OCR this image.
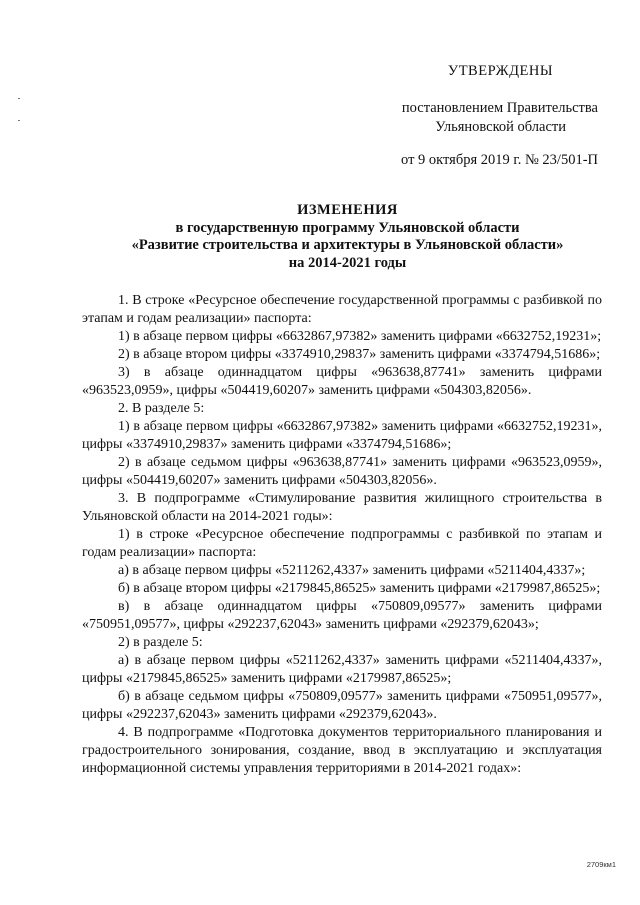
УТВЕРЖДЕНЫ
постановлением Правительства
Ульяновской области
от 9 октября 2019 г. № 23/501-П
ИЗМЕНЕНИЯ
в государственную программу Ульяновской области
«Развитие строительства и архитектуры в Ульяновской области»
на 2014-2021 годы

1. В строке «Ресурсное обеспечение государственной программы с разбивкой по этапам и годам реализации» паспорта:

1) в абзаце первом цифры «6632867,97382» заменить цифрами «6632752,19231»;

2) в абзаце втором цифры «3374910,29837» заменить цифрами «3374794,51686»;

3) в абзаце одиннадцатом цифры «963638,87741» заменить цифрами «963523,0959», цифры «504419,60207» заменить цифрами «504303,82056».

2. В разделе 5:

1) в абзаце первом цифры «6632867,97382» заменить цифрами «6632752,19231», цифры «3374910,29837» заменить цифрами «3374794,51686»;

2) в абзаце седьмом цифры «963638,87741» заменить цифрами «963523,0959», цифры «504419,60207» заменить цифрами «504303,82056».

3. В подпрограмме «Стимулирование развития жилищного строительства в Ульяновской области на 2014-2021 годы»:

1) в строке «Ресурсное обеспечение подпрограммы с разбивкой по этапам и годам реализации» паспорта:

а) в абзаце первом цифры «5211262,4337» заменить цифрами «5211404,4337»;

б) в абзаце втором цифры «2179845,86525» заменить цифрами «2179987,86525»;

в) в абзаце одиннадцатом цифры «750809,09577» заменить цифрами «750951,09577», цифры «292237,62043» заменить цифрами «292379,62043»;

2) в разделе 5:

а) в абзаце первом цифры «5211262,4337» заменить цифрами «5211404,4337», цифры «2179845,86525» заменить цифрами «2179987,86525»;

б) в абзаце седьмом цифры «750809,09577» заменить цифрами «750951,09577», цифры «292237,62043» заменить цифрами «292379,62043».

4. В подпрограмме «Подготовка документов территориального планирования и градостроительного зонирования, создание, ввод в эксплуатацию и эксплуатация информационной системы управления территориями в 2014-2021 годах»:

2709км1
